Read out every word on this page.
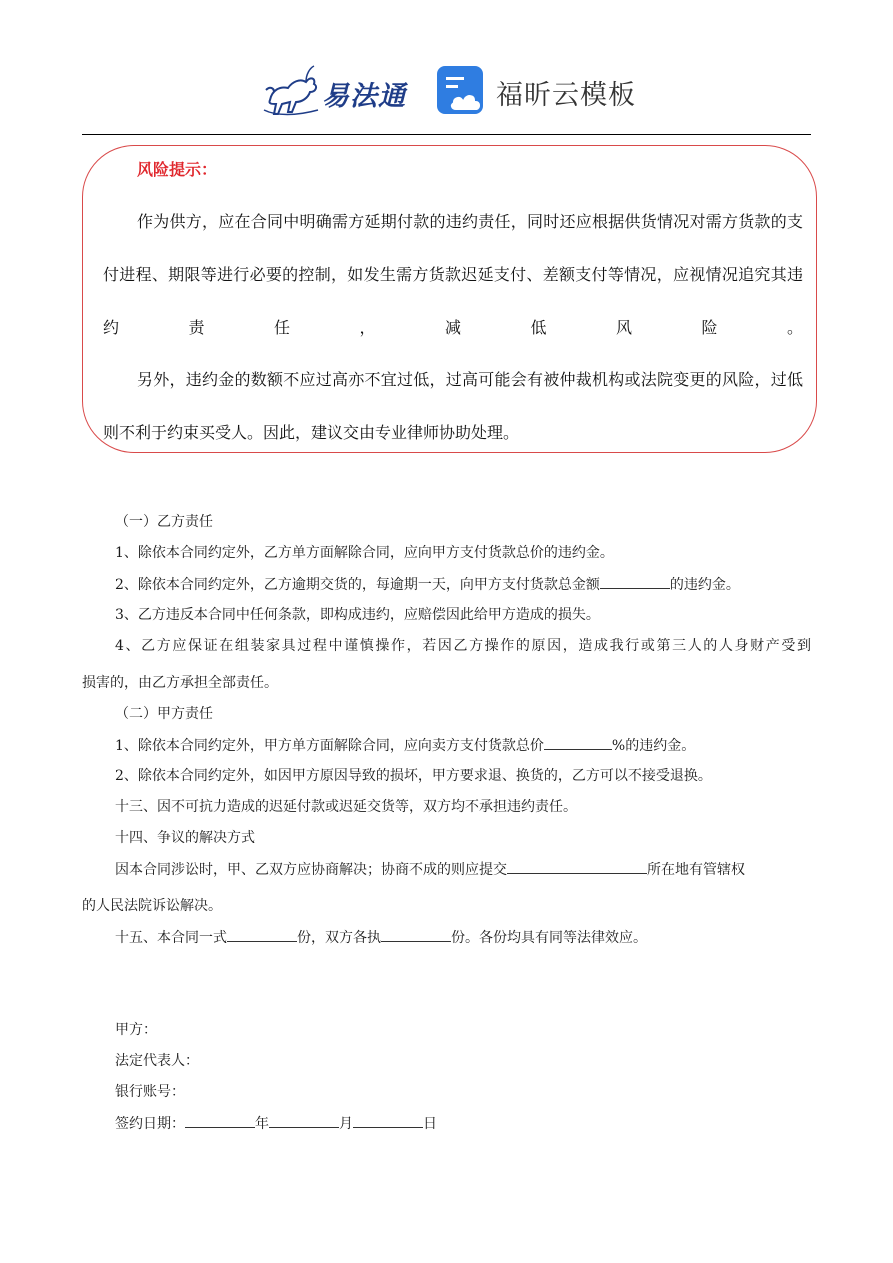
易法通	福昕云模板
风险提示：

作为供方，应在合同中明确需方延期付款的违约责任，同时还应根据供货情况对需方货款的支付进程、期限等进行必要的控制，如发生需方货款迟延支付、差额支付等情况，应视情况追究其违约责任，减低风险。

另外，违约金的数额不应过高亦不宜过低，过高可能会有被仲裁机构或法院变更的风险，过低则不利于约束买受人。因此，建议交由专业律师协助处理。

（一）乙方责任
1、除依本合同约定外，乙方单方面解除合同，应向甲方支付货款总价的违约金。
2、除依本合同约定外，乙方逾期交货的，每逾期一天，向甲方支付货款总金额	的违约金。
3、乙方违反本合同中任何条款，即构成违约，应赔偿因此给甲方造成的损失。
4、乙方应保证在组装家具过程中谨慎操作，若因乙方操作的原因，造成我行或第三人的人身财产受到
损害的，由乙方承担全部责任。
（二）甲方责任
1、除依本合同约定外，甲方单方面解除合同，应向卖方支付货款总价	%的违约金。
2、除依本合同约定外，如因甲方原因导致的损坏，甲方要求退、换货的，乙方可以不接受退换。
十三、因不可抗力造成的迟延付款或迟延交货等，双方均不承担违约责任。
十四、争议的解决方式
因本合同涉讼时，甲、乙双方应协商解决；协商不成的则应提交	所在地有管辖权
的人民法院诉讼解决。
十五、本合同一式	份，双方各执	份。各份均具有同等法律效应。
甲方：
法定代表人：
银行账号：
签约日期：	年	月	日
